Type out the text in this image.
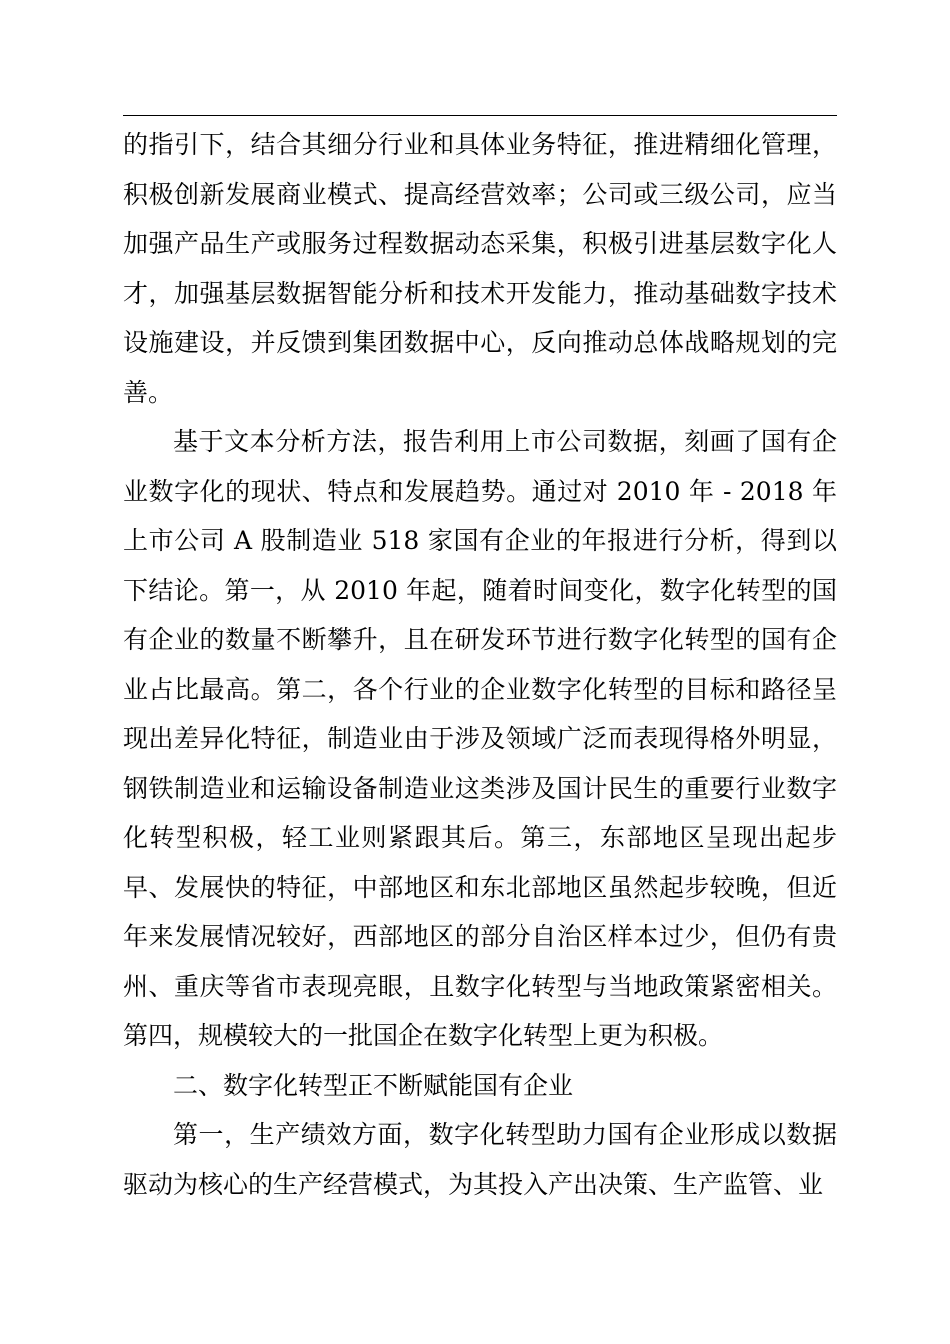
的指引下，结合其细分行业和具体业务特征，推进精细化管理，积极创新发展商业模式、提高经营效率；公司或三级公司，应当加强产品生产或服务过程数据动态采集，积极引进基层数字化人才，加强基层数据智能分析和技术开发能力，推动基础数字技术设施建设，并反馈到集团数据中心，反向推动总体战略规划的完善。

基于文本分析方法，报告利用上市公司数据，刻画了国有企业数字化的现状、特点和发展趋势。通过对 2010 年 - 2018 年上市公司 A 股制造业 518 家国有企业的年报进行分析，得到以下结论。第一，从 2010 年起，随着时间变化，数字化转型的国有企业的数量不断攀升，且在研发环节进行数字化转型的国有企业占比最高。第二，各个行业的企业数字化转型的目标和路径呈现出差异化特征，制造业由于涉及领域广泛而表现得格外明显，钢铁制造业和运输设备制造业这类涉及国计民生的重要行业数字化转型积极，轻工业则紧跟其后。第三，东部地区呈现出起步早、发展快的特征，中部地区和东北部地区虽然起步较晚，但近年来发展情况较好，西部地区的部分自治区样本过少，但仍有贵州、重庆等省市表现亮眼，且数字化转型与当地政策紧密相关。第四，规模较大的一批国企在数字化转型上更为积极。

二、数字化转型正不断赋能国有企业

第一，生产绩效方面，数字化转型助力国有企业形成以数据驱动为核心的生产经营模式，为其投入产出决策、生产监管、业
